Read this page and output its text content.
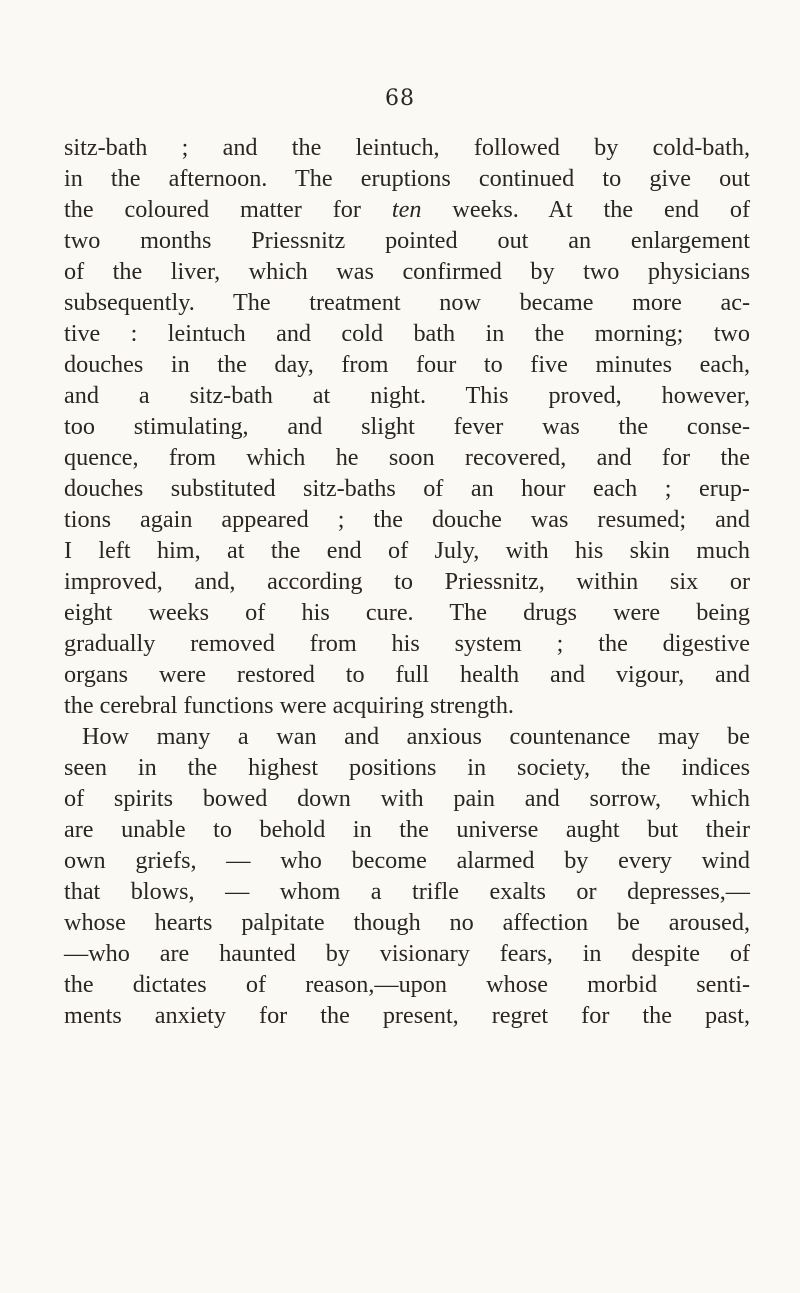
68
sitz-bath ; and the leintuch, followed by cold-bath,
in the afternoon. The eruptions continued to give out
the coloured matter for ten weeks. At the end of
two months Priessnitz pointed out an enlargement
of the liver, which was confirmed by two physicians
subsequently. The treatment now became more ac-
tive : leintuch and cold bath in the morning; two
douches in the day, from four to five minutes each,
and a sitz-bath at night. This proved, however,
too stimulating, and slight fever was the conse-
quence, from which he soon recovered, and for the
douches substituted sitz-baths of an hour each ; erup-
tions again appeared ; the douche was resumed; and
I left him, at the end of July, with his skin much
improved, and, according to Priessnitz, within six or
eight weeks of his cure. The drugs were being
gradually removed from his system ; the digestive
organs were restored to full health and vigour, and
the cerebral functions were acquiring strength.
How many a wan and anxious countenance may be
seen in the highest positions in society, the indices
of spirits bowed down with pain and sorrow, which
are unable to behold in the universe aught but their
own griefs, — who become alarmed by every wind
that blows, — whom a trifle exalts or depresses,—
whose hearts palpitate though no affection be aroused,
—who are haunted by visionary fears, in despite of
the dictates of reason,—upon whose morbid senti-
ments anxiety for the present, regret for the past,
